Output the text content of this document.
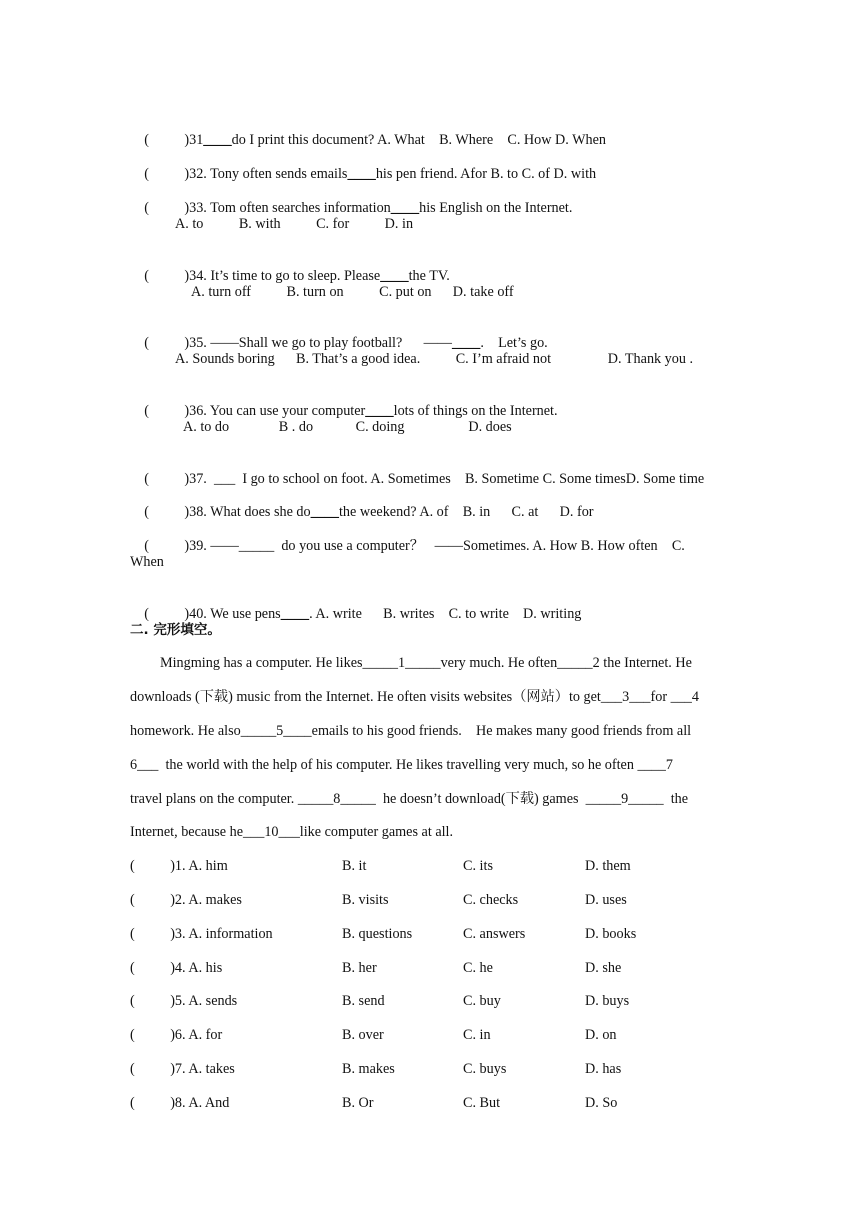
(          )31____do I print this document? A. What    B. Where    C. How D. When

(          )32. Tony often sends emails____his pen friend. Afor B. to C. of D. with

(          )33. Tom often searches information____his English on the Internet.

A. to          B. with          C. for          D. in

(          )34. It’s time to go to sleep. Please____the TV.

A. turn off          B. turn on          C. put on      D. take off

(          )35. ——Shall we go to play football?      ——____.    Let’s go.

A. Sounds boring      B. That’s a good idea.          C. I’m afraid not                D. Thank you .

(          )36. You can use your computer____lots of things on the Internet.

A. to do              B . do            C. doing                  D. does

(          )37.  ___  I go to school on foot. A. Sometimes    B. Sometime C. Some timesD. Some time

(          )38. What does she do____the weekend? A. of    B. in      C. at      D. for

(          )39. ——_____  do you use a computer？   ——Sometimes. A. How B. How often    C.

When

(          )40. We use pens____. A. write      B. writes    C. to write    D. writing

二. 完形填空。
Mingming has a computer. He likes_____1_____very much. He often_____2 the Internet. He
downloads (下载) music from the Internet. He often visits websites（网站）to get___3___for ___4
homework. He also_____5____emails to his good friends.    He makes many good friends from all
6___  the world with the help of his computer. He likes travelling very much, so he often ____7
travel plans on the computer. _____8_____  he doesn’t download(下载) games  _____9_____  the
Internet, because he___10___like computer games at all.
(          )1. A. him	B. it	C. its	D. them
(          )2. A. makes	B. visits	C. checks	D. uses
(          )3. A. information	B. questions	C. answers	D. books
(          )4. A. his	B. her	C. he	D. she
(          )5. A. sends	B. send	C. buy	D. buys
(          )6. A. for	B. over	C. in	D. on
(          )7. A. takes	B. makes	C. buys	D. has
(          )8. A. And	B. Or	C. But	D. So
